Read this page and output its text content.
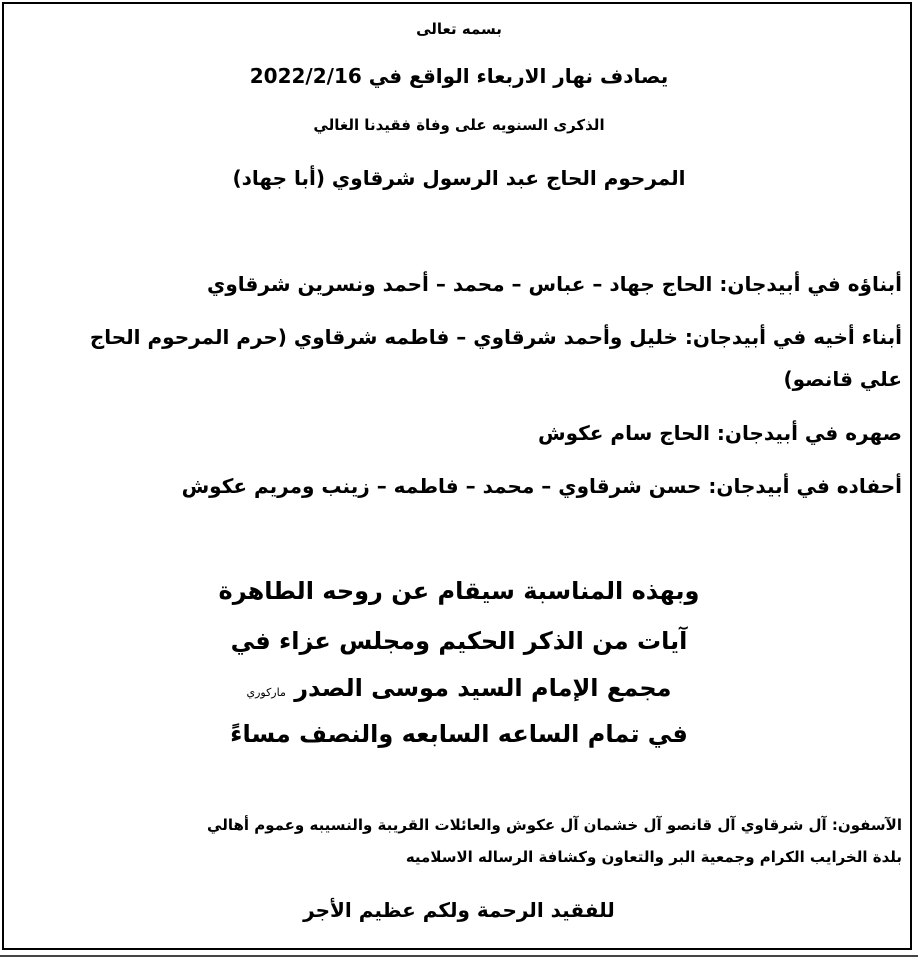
بسمه تعالى
يصادف نهار الاربعاء الواقع في 2022/2/16
الذكرى السنويه على وفاة فقيدنا الغالي
المرحوم الحاج عبد الرسول شرقاوي (أبا جهاد)
أبناؤه في أبيدجان: الحاج جهاد – عباس – محمد – أحمد ونسرين شرقاوي
أبناء أخيه في أبيدجان: خليل وأحمد شرقاوي – فاطمه شرقاوي (حرم المرحوم الحاج
علي قانصو)
صهره في أبيدجان: الحاج سام عكوش
أحفاده في أبيدجان: حسن شرقاوي – محمد – فاطمه – زينب ومريم عكوش
وبهذه المناسبة سيقام عن روحه الطاهرة
آيات من الذكر الحكيم ومجلس عزاء في
مجمع الإمام السيد موسى الصدر ماركوري
في تمام الساعه السابعه والنصف مساءً
الآسفون: آل شرقاوي آل قانصو آل خشمان آل عكوش والعائلات القريبة والنسيبه وعموم أهالي
بلدة الخرايب الكرام وجمعية البر والتعاون وكشافة الرساله الاسلاميه
للفقيد الرحمة ولكم عظيم الأجر
